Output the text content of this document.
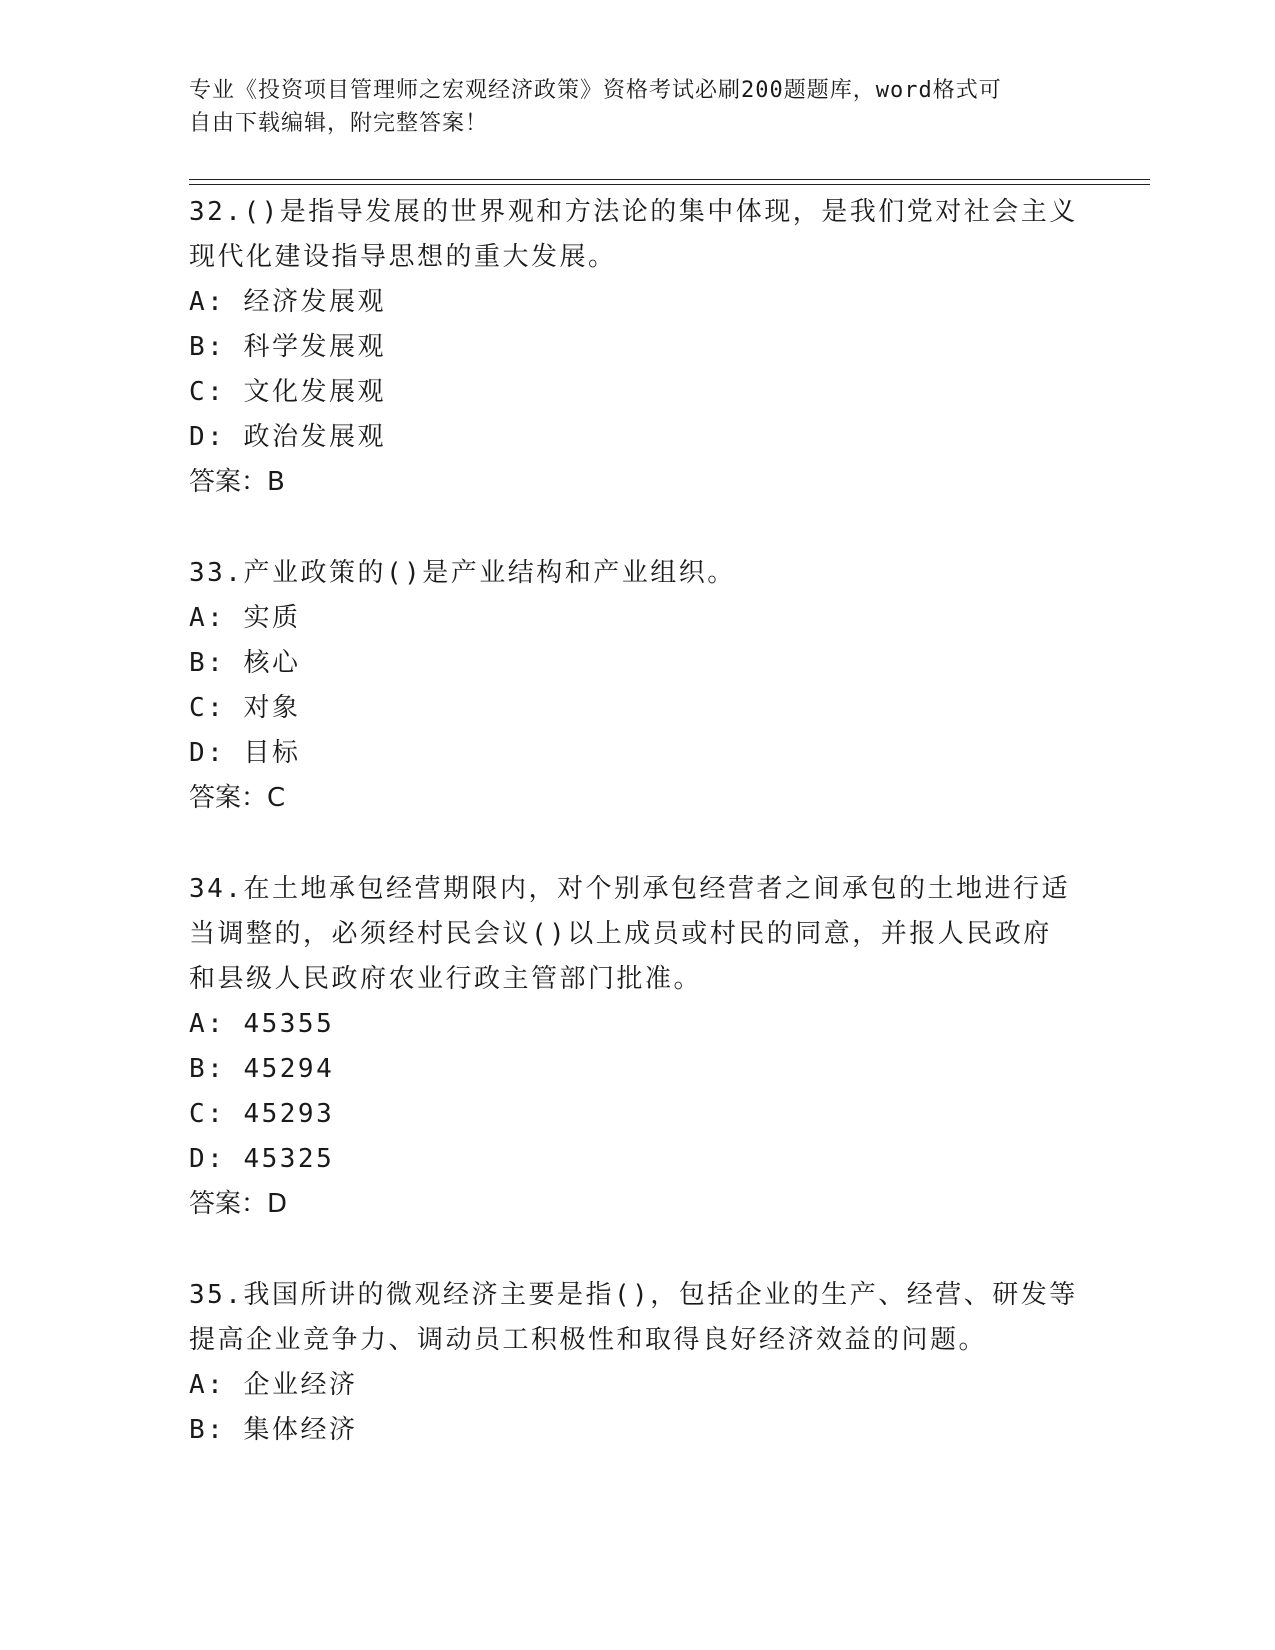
专业《投资项目管理师之宏观经济政策》资格考试必刷200题题库，word格式可
自由下载编辑，附完整答案！

32.()是指导发展的世界观和方法论的集中体现，是我们党对社会主义现代化建设指导思想的重大发展。

A: 经济发展观

B: 科学发展观

C: 文化发展观

D: 政治发展观

答案：B

33.产业政策的()是产业结构和产业组织。

A: 实质

B: 核心

C: 对象

D: 目标

答案：C

34.在土地承包经营期限内，对个别承包经营者之间承包的土地进行适当调整的，必须经村民会议()以上成员或村民的同意，并报人民政府和县级人民政府农业行政主管部门批准。

A: 45355

B: 45294

C: 45293

D: 45325

答案：D

35.我国所讲的微观经济主要是指()，包括企业的生产、经营、研发等提高企业竞争力、调动员工积极性和取得良好经济效益的问题。

A: 企业经济

B: 集体经济
